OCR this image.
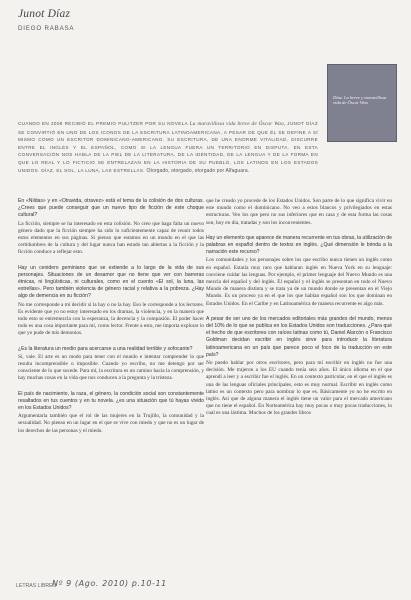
Junot Díaz
DIEGO RABASA
Díaz. La breve y maravillosa vida de Óscar Wao
CUANDO EN 2008 RECIBIÓ EL PREMIO PULITZER POR SU NOVELA La maravillosa vida breve de Óscar Wao, JUNOT DÍAZ SE CONVIRTIÓ EN UNO DE LOS ICONOS DE LA ESCRITURA LATINOAMERICANA, A PESAR DE QUE ÉL SE DEFINE A SÍ MISMO COMO UN ESCRITOR DOMINICANO-AMERICANO. SU ESCRITURA, DE UNA ENORME VITALIDAD, DISCURRE ENTRE EL INGLÉS Y EL ESPAÑOL, COMO SI LA LENGUA FUERA UN TERRITORIO EN DISPUTA. EN ESTA CONVERSACIÓN NOS HABLA DE LA PIEL DE LA LITERATURA, DE LA IDENTIDAD, DE LA LENGUA Y DE LA FORMA EN QUE LO REAL Y LO FICTICIO SE ENTRELAZAN EN LA HISTORIA DE SU PUEBLO, LOS LATINOS EN LOS ESTADOS UNIDOS. DÍAZ, EL SOL, LA LUNA, LAS ESTRELLAS. Otorgado, otorgado, otorgado por Alfaguara.

En «Nildas» y en «Otravida, otravez» está el tema de la colisión de dos culturas. ¿Crees que puede conseguir que un nuevo tipo de ficción de este choque cultural?

La ficción, siempre se ha interesado en esta colisión. No creo que haga falta un nuevo género dado que la ficción siempre ha sido lo suficientemente capaz de reunir todos estos elementos en sus páginas. Si pienso que estamos en un mundo en el que las certidumbres de la cultura y del lugar nunca han estado tan abiertas a la ficción y la ficción conduce a reflejar esto.

Hay un cenidero geminiano que se extiende a lo largo de la vida de sus personajes. Situaciones de un desamor que no tiene que ver con barreras étnicas, ni lingüísticas, ni culturales, como en el cuento «El sol, la luna, las estrellas». Pero también violencia de género racial y relativa a la pobreza. ¿Hay algo de demencia en su ficción?

No me corresponde a mí decidir si la hay o no la hay. Eso le corresponde a los lectores. Es evidente que yo no estoy interesado en los dramas, la violencia, y en la manera que todo esto se entremezcla con la esperanza, la decencia y la compasión. El poder hacer todo es una cosa importante para mí, como lector. Frente a esto, me importa explorar lo que yo pude de mis demonios.

¿Es la literatura un medio para acercarse a una realidad terrible y sofocante?

Sí, vale. El arte es un modo para tener con el mundo e intentar comprender lo que resulta incomprensible o imposible. Cuando yo escribo, no me detengo por ser consciente de lo que sucede. Para mí, la escritura es un camino hacia la comprensión, y hay muchas cosas en la vida que nos conducen a la pregunta y la tristeza.

El país de nacimiento, la raza, el género, la condición social son constantemente resaltados en tus cuentos y en tu novela. ¿es una situación que tú hayas vivido en los Estados Unidos?

Argumentaría también que el rol de las mujeres en la Trujillo, la comunidad y la sexualidad. No pienso en un lugar en el que se vive con miedo y que no es un lugar de los derechos de las personas y el miedo.

que he creado yo procede de los Estados Unidos. Son parte de lo que significa vivir en este mundo como el dominicano. No veo a estos blancos y privilegiados en estas estructuras. Veo los que pero no sus inferiores que en casa y de esta forma las cosas son, hoy en día, tratadas y son los inconvenientes.

Hay un elemento que aparece de manera recurrente en tus obras, la utilización de palabras en español dentro de textos en inglés. ¿Qué dimensión le brinda a la narración este recurso?

Los comunidades y los personajes sobre los que escribo nunca tienen un inglés como en español. Estaría muy raro que hablaran inglés en Nueva York en su lenguaje: conviene cuidar las lenguas. Por ejemplo, el primer lenguaje del Nuevo Mundo es una mezcla del español y del inglés. El español y el inglés se presentan en todo el Nuevo Mundo de manera distinta y se trata ya de un mundo donde se presentan en el Viejo Mundo. Es un proceso ya en el que los que hablan español son los que dominan en Estados Unidos. En el Caribe y en Latinoamérica de manera recurrente es algo más.

A pesar de ser uno de los mercados editoriales más grandes del mundo, menos del 10% de lo que se publica en los Estados Unidos son traducciones. ¿Para qué el hecho de que escritores con raíces latinas como tú, Daniel Alarcón o Francisco Goldman decidan escribir en inglés sirve para introducir la literatura latinoamericana en un país que parece poco el foco de la traducción en este país?

No puedo hablar por otros escritores, pero para mí escribir en inglés no fue una decisión. Me trajeron a los EU cuando tenía seis años. El único idioma en el que aprendí a leer y a escribir fue el inglés. En un contexto particular, en el que el inglés es una de las lenguas oficiales principales, esto es muy normal. Escribir en inglés como latino es un contexto pero para nombrar lo que es. Básicamente yo no he escrito en inglés. Así que de alguna manera el inglés tiene un valor para el mercado americano que no tiene el español. En Norteamérica hay muy pocas o muy pocas traducciones, lo cual es una lástima. Muchos de los grandes libros

LETRAS LIBRES
Nº 9 (Ago. 2010) p.10-11
